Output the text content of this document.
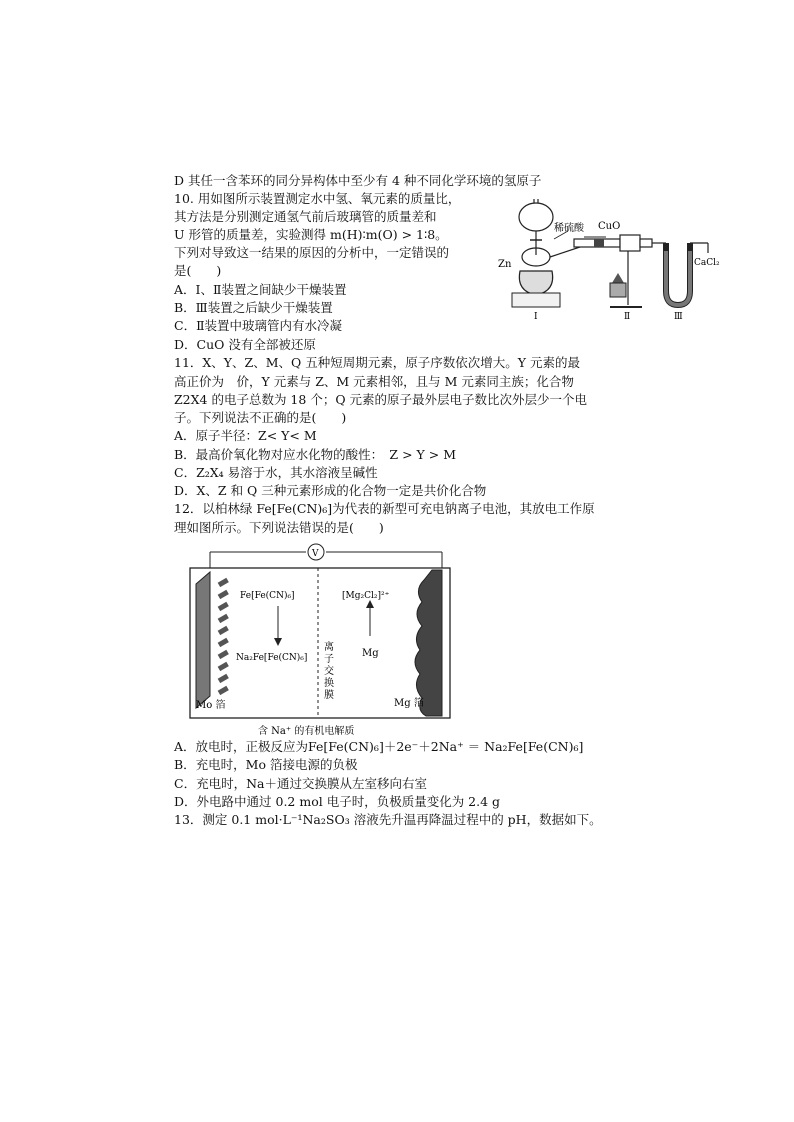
D 其任一含苯环的同分异构体中至少有 4 种不同化学环境的氢原子
10. 用如图所示装置测定水中氢、氧元素的质量比，
其方法是分别测定通氢气前后玻璃管的质量差和
U 形管的质量差，实验测得 m(H)∶m(O) > 1∶8。
下列对导致这一结果的原因的分析中，一定错误的
是(　　)
A．Ⅰ、Ⅱ装置之间缺少干燥装置
B．Ⅲ装置之后缺少干燥装置
C．Ⅱ装置中玻璃管内有水冷凝
D．CuO 没有全部被还原
11．X、Y、Z、M、Q 五种短周期元素，原子序数依次增大。Y 元素的最
高正价为　价，Y 元素与 Z、M 元素相邻，且与 M 元素同主族；化合物
Z2X4 的电子总数为 18 个；Q 元素的原子最外层电子数比次外层少一个电
子。下列说法不正确的是(　　)
A．原子半径：Z< Y< M
B．最高价氧化物对应水化物的酸性：　Z > Y > M
C．Z₂X₄ 易溶于水，其水溶液呈碱性
D．X、Z 和 Q 三种元素形成的化合物一定是共价化合物
12．以柏林绿 Fe[Fe(CN)₆]为代表的新型可充电钠离子电池，其放电工作原
理如图所示。下列说法错误的是(　　)
稀硫酸 CuO
Zn	CaCl₂
Ⅰ	Ⅱ	Ⅲ
V
Fe[Fe(CN)₆]
Na₂Fe[Fe(CN)₆]
[Mg₂Cl₂]²⁺
Mg
离
子
交
换
膜
Mo 箔	Mg 箔
含 Na⁺ 的有机电解质
A．放电时，正极反应为Fe[Fe(CN)₆]＋2e⁻＋2Na⁺ ＝ Na₂Fe[Fe(CN)₆]
B．充电时，Mo 箔接电源的负极
C．充电时，Na＋通过交换膜从左室移向右室
D．外电路中通过 0.2 mol 电子时，负极质量变化为 2.4 g
13．测定 0.1 mol·L⁻¹Na₂SO₃ 溶液先升温再降温过程中的 pH，数据如下。
